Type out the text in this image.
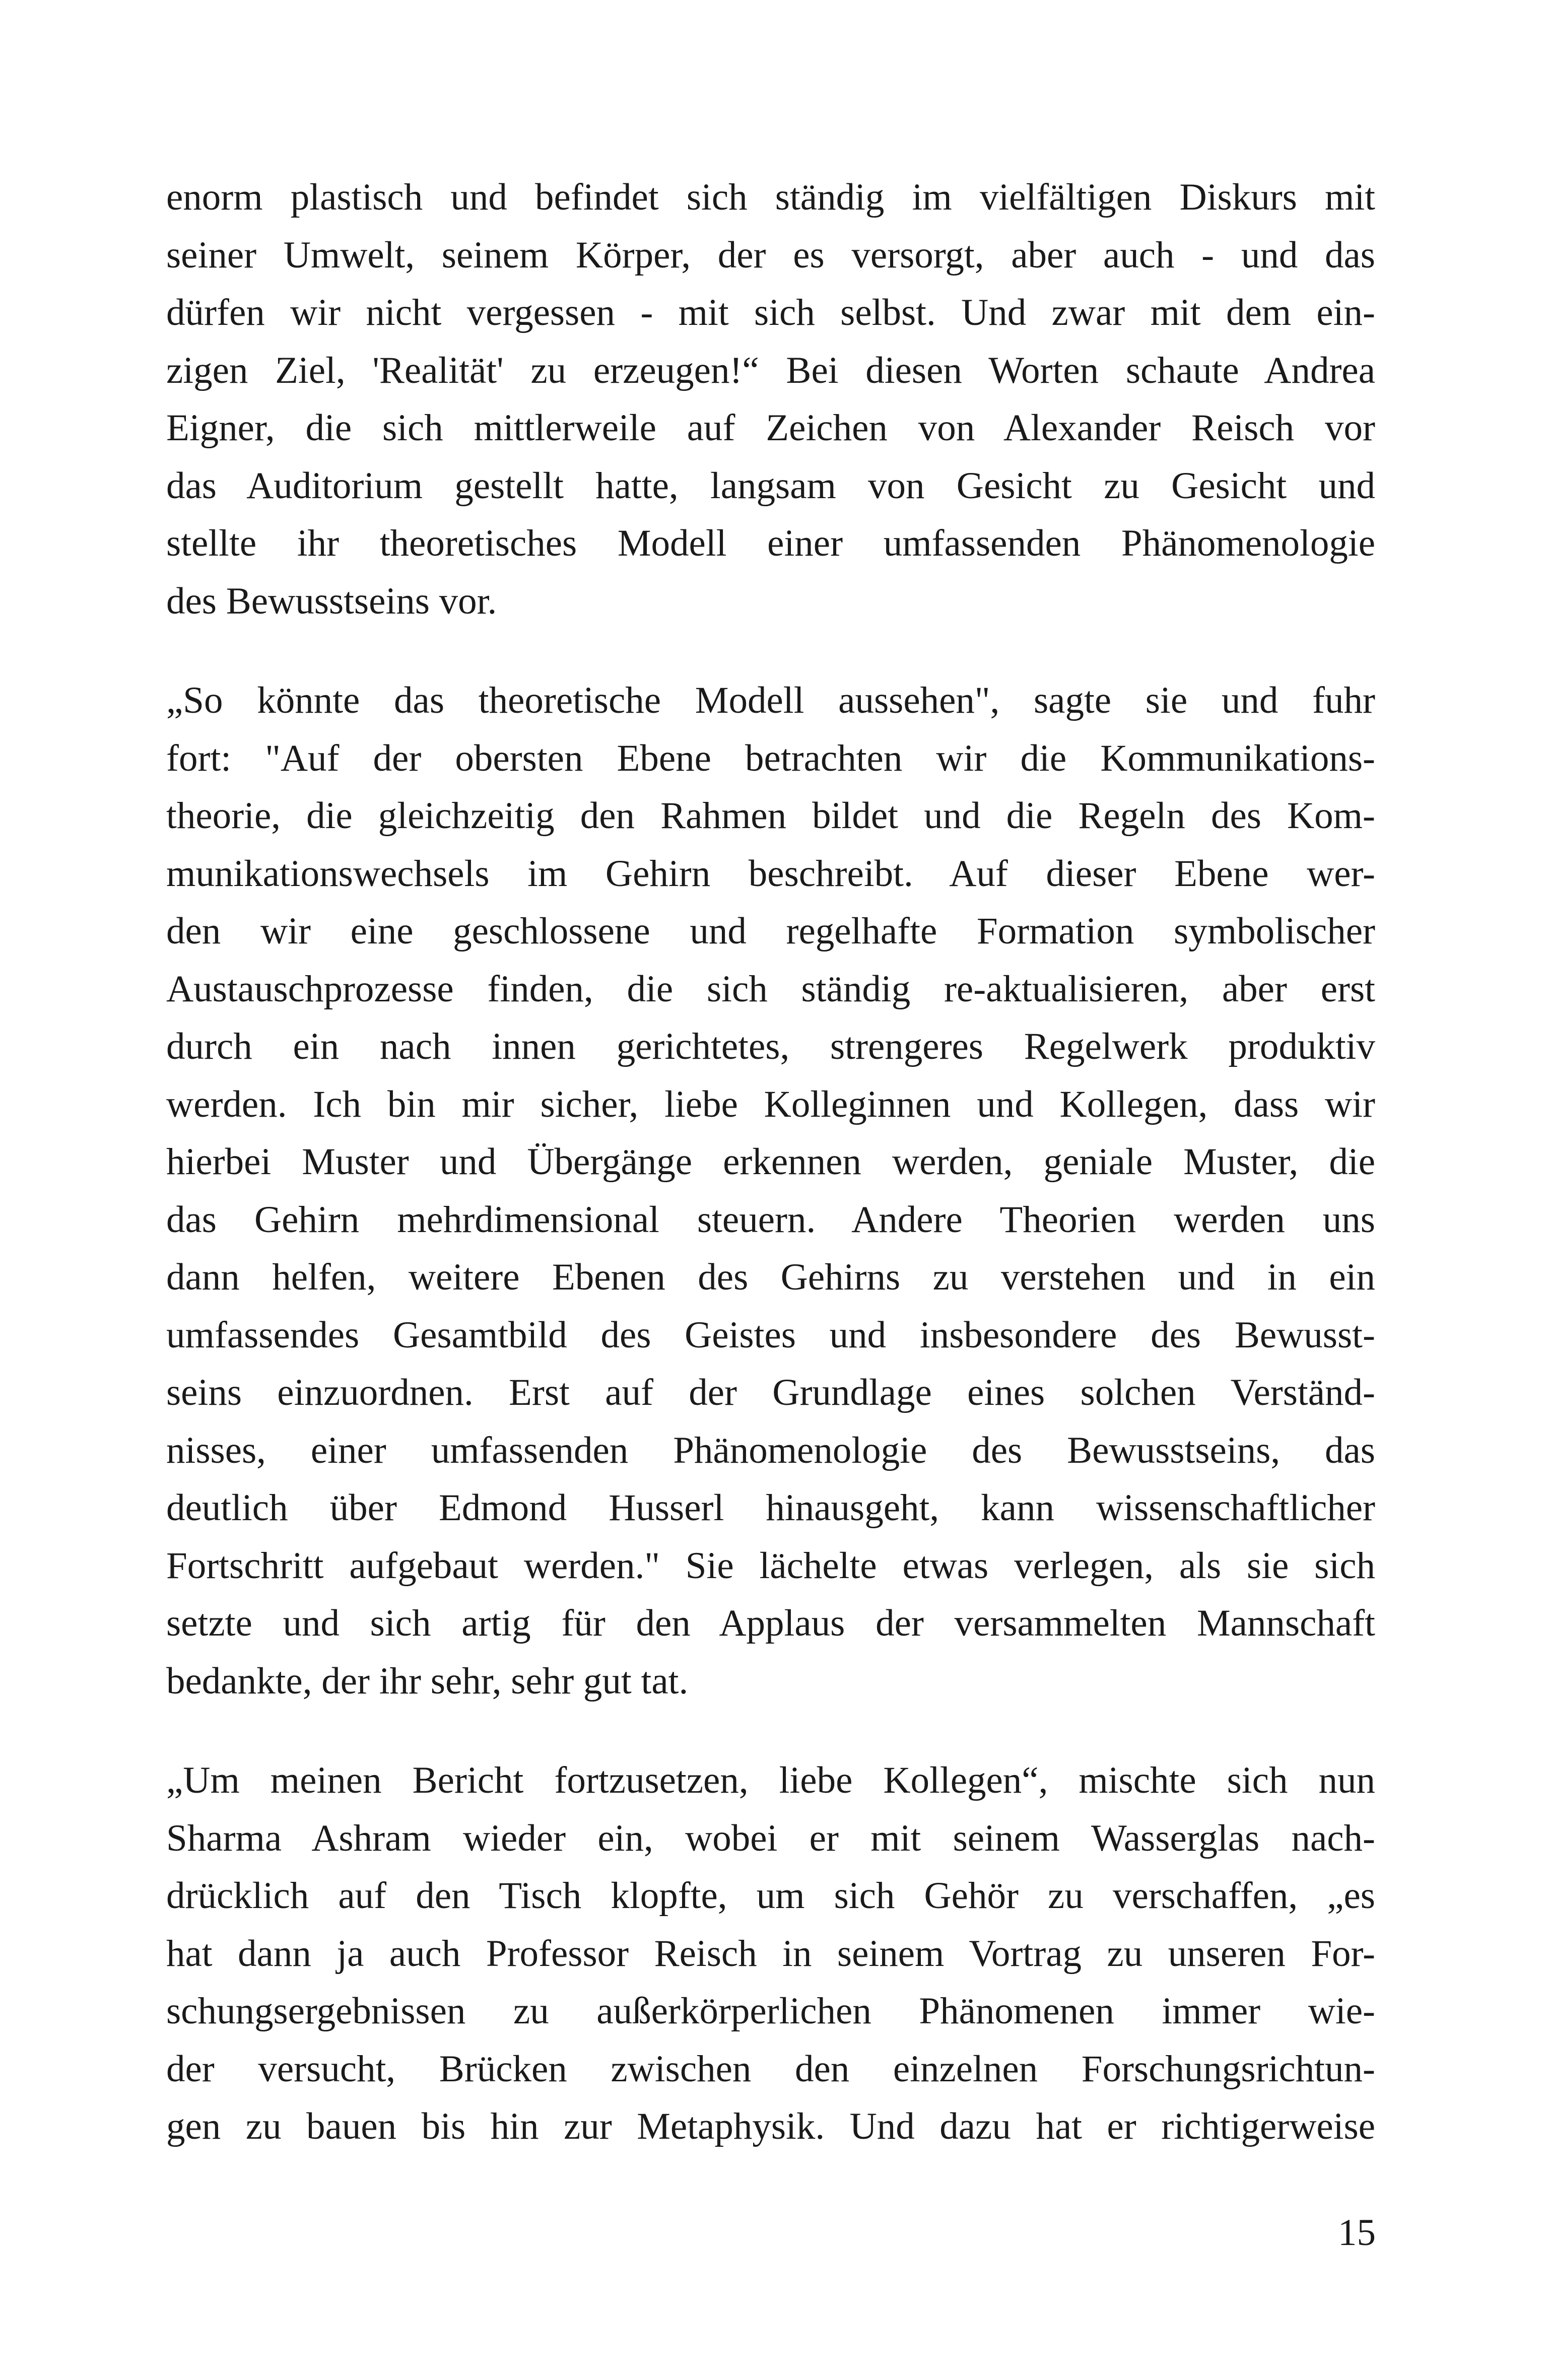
enorm plastisch und befindet sich ständig im vielfältigen Diskurs mit
seiner Umwelt, seinem Körper, der es versorgt, aber auch - und das
dürfen wir nicht vergessen - mit sich selbst. Und zwar mit dem ein-
zigen Ziel, 'Realität' zu erzeugen!“ Bei diesen Worten schaute Andrea
Eigner, die sich mittlerweile auf Zeichen von Alexander Reisch vor
das Auditorium gestellt hatte, langsam von Gesicht zu Gesicht und
stellte ihr theoretisches Modell einer umfassenden Phänomenologie
des Bewusstseins vor.
„So könnte das theoretische Modell aussehen", sagte sie und fuhr
fort: "Auf der obersten Ebene betrachten wir die Kommunikations-
theorie, die gleichzeitig den Rahmen bildet und die Regeln des Kom-
munikationswechsels im Gehirn beschreibt. Auf dieser Ebene wer-
den wir eine geschlossene und regelhafte Formation symbolischer
Austauschprozesse finden, die sich ständig re-aktualisieren, aber erst
durch ein nach innen gerichtetes, strengeres Regelwerk produktiv
werden. Ich bin mir sicher, liebe Kolleginnen und Kollegen, dass wir
hierbei Muster und Übergänge erkennen werden, geniale Muster, die
das Gehirn mehrdimensional steuern. Andere Theorien werden uns
dann helfen, weitere Ebenen des Gehirns zu verstehen und in ein
umfassendes Gesamtbild des Geistes und insbesondere des Bewusst-
seins einzuordnen. Erst auf der Grundlage eines solchen Verständ-
nisses, einer umfassenden Phänomenologie des Bewusstseins, das
deutlich über Edmond Husserl hinausgeht, kann wissenschaftlicher
Fortschritt aufgebaut werden." Sie lächelte etwas verlegen, als sie sich
setzte und sich artig für den Applaus der versammelten Mannschaft
bedankte, der ihr sehr, sehr gut tat.
„Um meinen Bericht fortzusetzen, liebe Kollegen“, mischte sich nun
Sharma Ashram wieder ein, wobei er mit seinem Wasserglas nach-
drücklich auf den Tisch klopfte, um sich Gehör zu verschaffen, „es
hat dann ja auch Professor Reisch in seinem Vortrag zu unseren For-
schungsergebnissen zu außerkörperlichen Phänomenen immer wie-
der versucht, Brücken zwischen den einzelnen Forschungsrichtun-
gen zu bauen bis hin zur Metaphysik. Und dazu hat er richtigerweise
15
